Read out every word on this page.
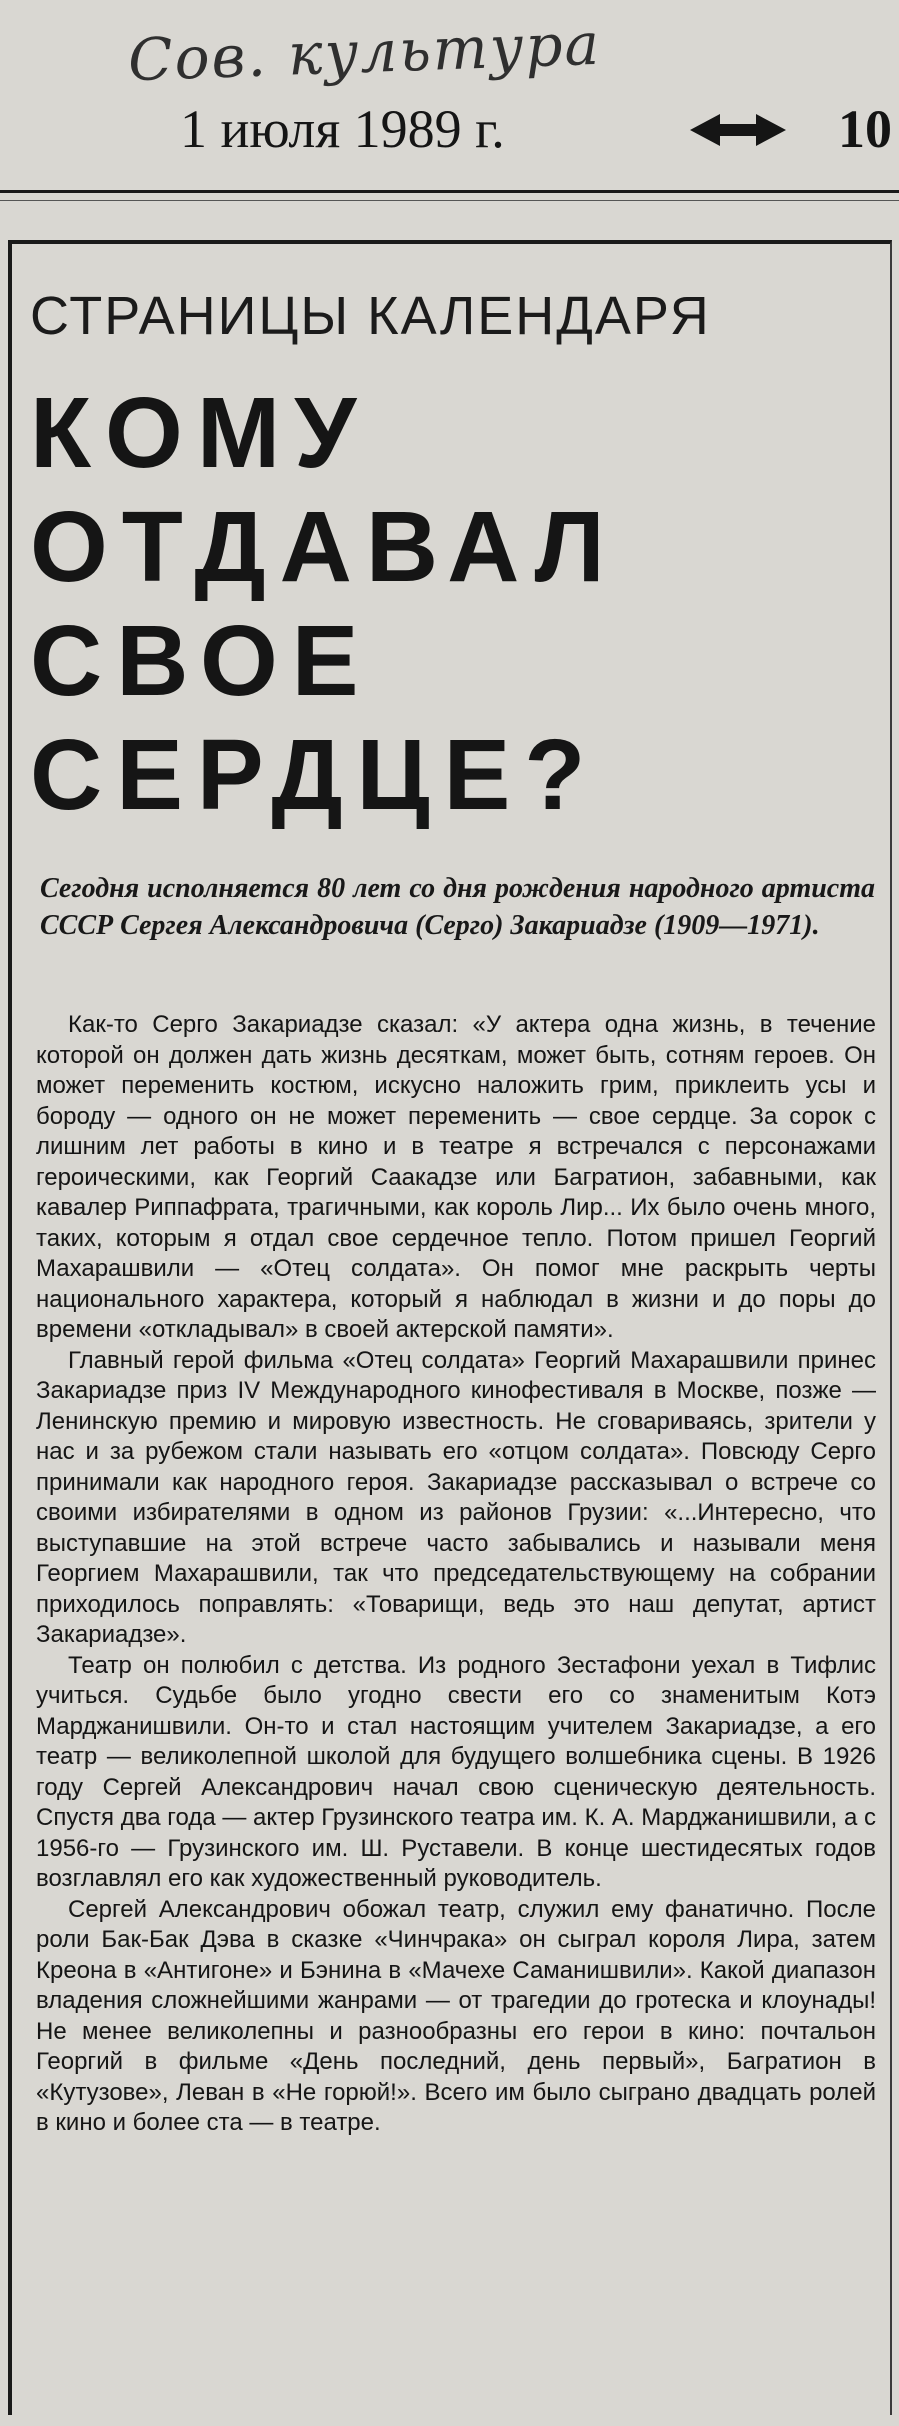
Сов. культура
1 июля 1989 г.	10
СТРАНИЦЫ КАЛЕНДАРЯ
КОМУ
ОТДАВАЛ
СВОЕ
СЕРДЦЕ?
Сегодня исполняется 80 лет со дня рождения народного артиста СССР Сергея Александровича (Серго) Закариадзе (1909—1971).

Как-то Серго Закариадзе сказал: «У актера одна жизнь, в течение которой он должен дать жизнь десяткам, может быть, сотням героев. Он может переменить костюм, искусно наложить грим, приклеить усы и бороду — одного он не может переменить — свое сердце. За сорок с лишним лет работы в кино и в театре я встречался с персонажами героическими, как Георгий Саакадзе или Багратион, забавными, как кавалер Риппафрата, трагичными, как король Лир... Их было очень много, таких, которым я отдал свое сердечное тепло. Потом пришел Георгий Махарашвили — «Отец солдата». Он помог мне раскрыть черты национального характера, который я наблюдал в жизни и до поры до времени «откладывал» в своей актерской памяти».

Главный герой фильма «Отец солдата» Георгий Махарашвили принес Закариадзе приз IV Международного кинофестиваля в Москве, позже — Ленинскую премию и мировую известность. Не сговариваясь, зрители у нас и за рубежом стали называть его «отцом солдата». Повсюду Серго принимали как народного героя. Закариадзе рассказывал о встрече со своими избирателями в одном из районов Грузии: «...Интересно, что выступавшие на этой встрече часто забывались и называли меня Георгием Махарашвили, так что председательствующему на собрании приходилось поправлять: «Товарищи, ведь это наш депутат, артист Закариадзе».

Театр он полюбил с детства. Из родного Зестафони уехал в Тифлис учиться. Судьбе было угодно свести его со знаменитым Котэ Марджанишвили. Он-то и стал настоящим учителем Закариадзе, а его театр — великолепной школой для будущего волшебника сцены. В 1926 году Сергей Александрович начал свою сценическую деятельность. Спустя два года — актер Грузинского театра им. К. А. Марджанишвили, а с 1956-го — Грузинского им. Ш. Руставели. В конце шестидесятых годов возглавлял его как художественный руководитель.

Сергей Александрович обожал театр, служил ему фанатично. После роли Бак-Бак Дэва в сказке «Чинчрака» он сыграл короля Лира, затем Креона в «Антигоне» и Бэнина в «Мачехе Саманишвили». Какой диапазон владения сложнейшими жанрами — от трагедии до гротеска и клоунады! Не менее великолепны и разнообразны его герои в кино: почтальон Георгий в фильме «День последний, день первый», Багратион в «Кутузове», Леван в «Не горюй!». Всего им было сыграно двадцать ролей в кино и более ста — в театре.
